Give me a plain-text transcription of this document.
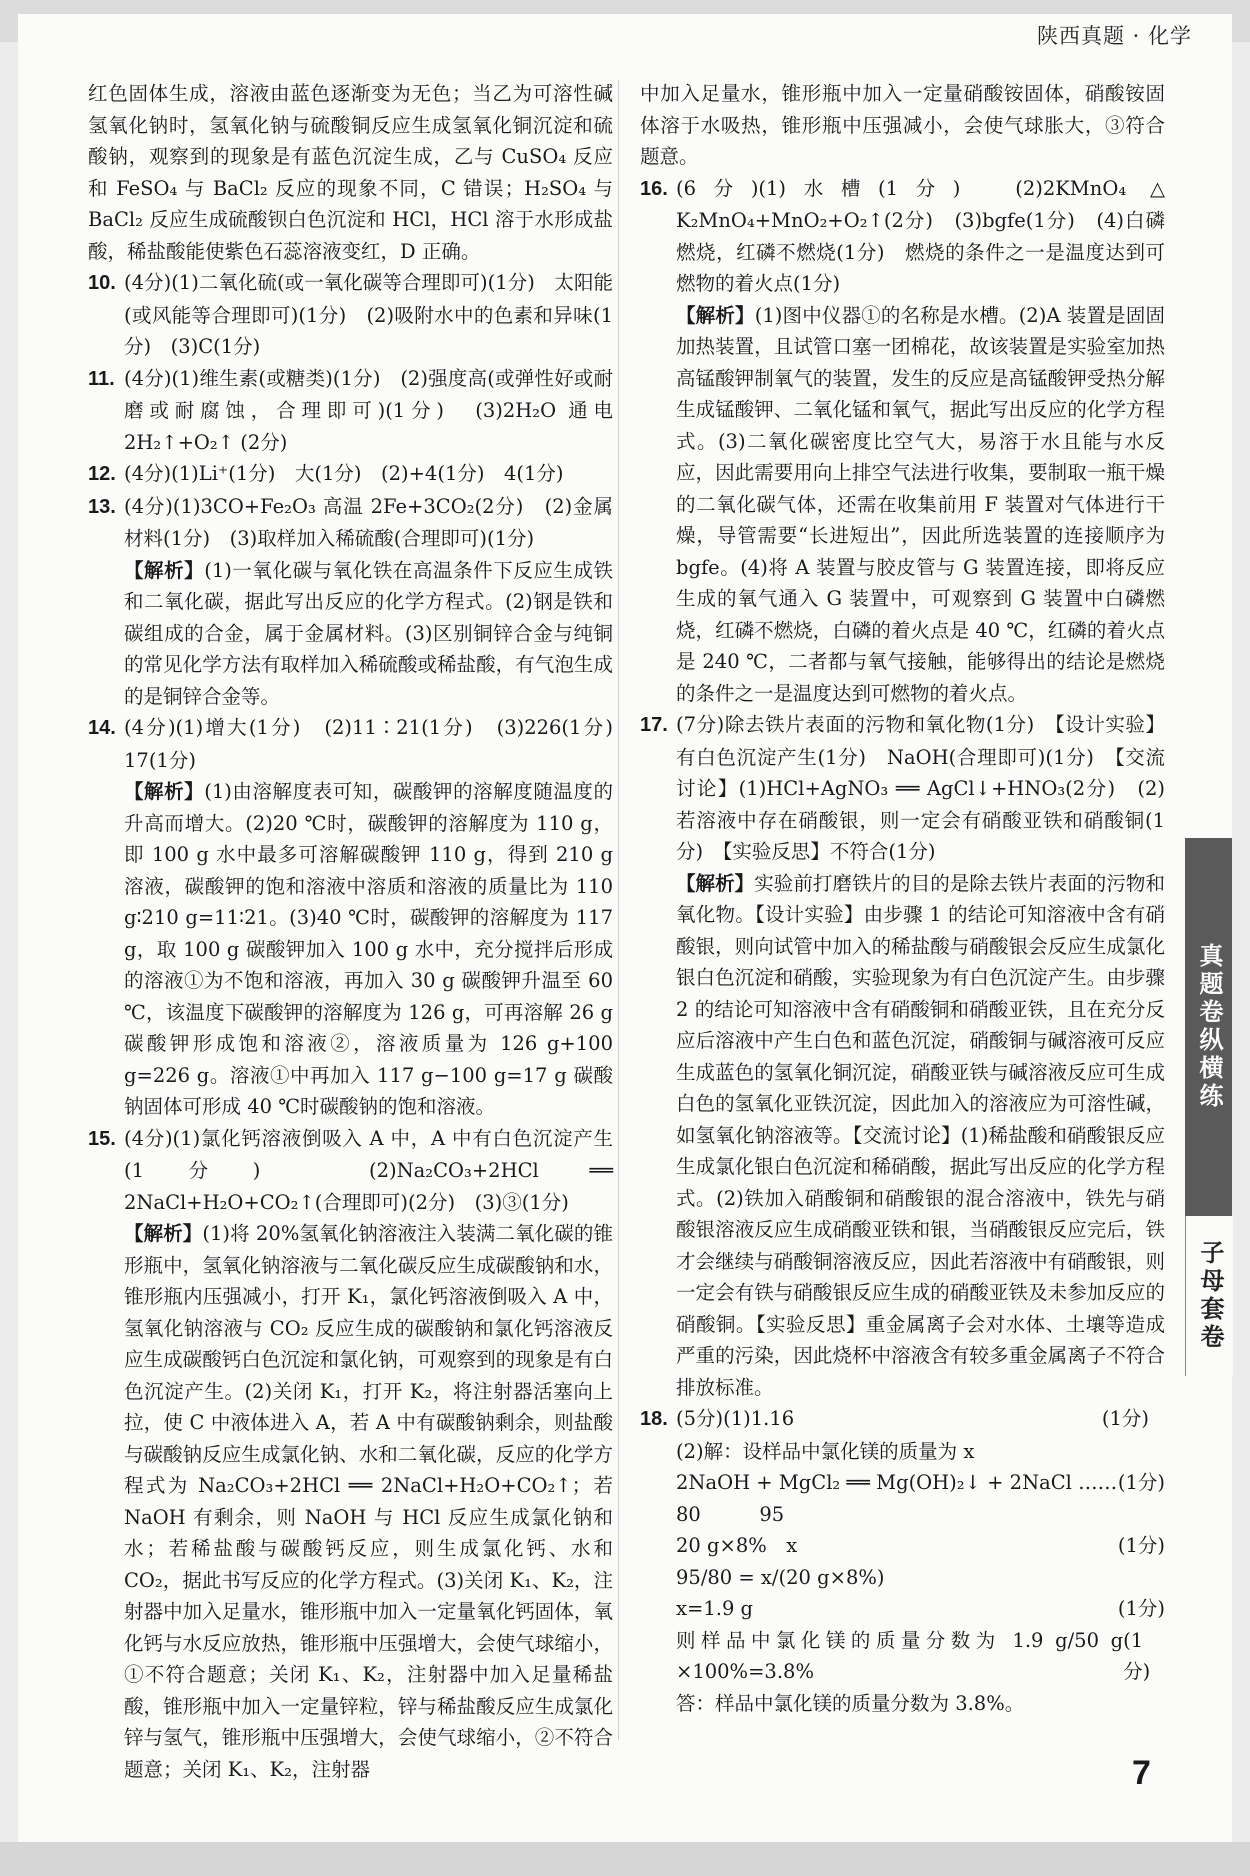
陕西真题 · 化学

红色固体生成，溶液由蓝色逐渐变为无色；当乙为可溶性碱氢氧化钠时，氢氧化钠与硫酸铜反应生成氢氧化铜沉淀和硫酸钠，观察到的现象是有蓝色沉淀生成，乙与 CuSO₄ 反应和 FeSO₄ 与 BaCl₂ 反应的现象不同，C 错误；H₂SO₄ 与 BaCl₂ 反应生成硫酸钡白色沉淀和 HCl，HCl 溶于水形成盐酸，稀盐酸能使紫色石蕊溶液变红，D 正确。

10. (4分)(1)二氧化硫(或一氧化碳等合理即可)(1分)　太阳能(或风能等合理即可)(1分)　(2)吸附水中的色素和异味(1分)　(3)C(1分)

11. (4分)(1)维生素(或糖类)(1分)　(2)强度高(或弹性好或耐磨或耐腐蚀，合理即可)(1分)　(3)2H₂O 通电 2H₂↑+O₂↑ (2分)

12. (4分)(1)Li⁺(1分)　大(1分)　(2)+4(1分)　4(1分)

13. (4分)(1)3CO+Fe₂O₃ 高温 2Fe+3CO₂(2分)　(2)金属材料(1分)　(3)取样加入稀硫酸(合理即可)(1分)

【解析】(1)一氧化碳与氧化铁在高温条件下反应生成铁和二氧化碳，据此写出反应的化学方程式。(2)钢是铁和碳组成的合金，属于金属材料。(3)区别铜锌合金与纯铜的常见化学方法有取样加入稀硫酸或稀盐酸，有气泡生成的是铜锌合金等。

14. (4分)(1)增大(1分)　(2)11∶21(1分)　(3)226(1分)　17(1分)

【解析】(1)由溶解度表可知，碳酸钾的溶解度随温度的升高而增大。(2)20 ℃时，碳酸钾的溶解度为 110 g，即 100 g 水中最多可溶解碳酸钾 110 g，得到 210 g 溶液，碳酸钾的饱和溶液中溶质和溶液的质量比为 110 g∶210 g=11∶21。(3)40 ℃时，碳酸钾的溶解度为 117 g，取 100 g 碳酸钾加入 100 g 水中，充分搅拌后形成的溶液①为不饱和溶液，再加入 30 g 碳酸钾升温至 60 ℃，该温度下碳酸钾的溶解度为 126 g，可再溶解 26 g 碳酸钾形成饱和溶液②，溶液质量为 126 g+100 g=226 g。溶液①中再加入 117 g−100 g=17 g 碳酸钠固体可形成 40 ℃时碳酸钠的饱和溶液。

15. (4分)(1)氯化钙溶液倒吸入 A 中，A 中有白色沉淀产生(1分)　(2)Na₂CO₃+2HCl ══ 2NaCl+H₂O+CO₂↑(合理即可)(2分)　(3)③(1分)

【解析】(1)将 20%氢氧化钠溶液注入装满二氧化碳的锥形瓶中，氢氧化钠溶液与二氧化碳反应生成碳酸钠和水，锥形瓶内压强减小，打开 K₁，氯化钙溶液倒吸入 A 中，氢氧化钠溶液与 CO₂ 反应生成的碳酸钠和氯化钙溶液反应生成碳酸钙白色沉淀和氯化钠，可观察到的现象是有白色沉淀产生。(2)关闭 K₁，打开 K₂，将注射器活塞向上拉，使 C 中液体进入 A，若 A 中有碳酸钠剩余，则盐酸与碳酸钠反应生成氯化钠、水和二氧化碳，反应的化学方程式为 Na₂CO₃+2HCl ══ 2NaCl+H₂O+CO₂↑；若 NaOH 有剩余，则 NaOH 与 HCl 反应生成氯化钠和水；若稀盐酸与碳酸钙反应，则生成氯化钙、水和 CO₂，据此书写反应的化学方程式。(3)关闭 K₁、K₂，注射器中加入足量水，锥形瓶中加入一定量氧化钙固体，氧化钙与水反应放热，锥形瓶中压强增大，会使气球缩小，①不符合题意；关闭 K₁、K₂，注射器中加入足量稀盐酸，锥形瓶中加入一定量锌粒，锌与稀盐酸反应生成氯化锌与氢气，锥形瓶中压强增大，会使气球缩小，②不符合题意；关闭 K₁、K₂，注射器

中加入足量水，锥形瓶中加入一定量硝酸铵固体，硝酸铵固体溶于水吸热，锥形瓶中压强减小，会使气球胀大，③符合题意。

16. (6分)(1)水槽(1分)　(2)2KMnO₄ △ K₂MnO₄+MnO₂+O₂↑(2分)　(3)bgfe(1分)　(4)白磷燃烧，红磷不燃烧(1分)　燃烧的条件之一是温度达到可燃物的着火点(1分)

【解析】(1)图中仪器①的名称是水槽。(2)A 装置是固固加热装置，且试管口塞一团棉花，故该装置是实验室加热高锰酸钾制氧气的装置，发生的反应是高锰酸钾受热分解生成锰酸钾、二氧化锰和氧气，据此写出反应的化学方程式。(3)二氧化碳密度比空气大，易溶于水且能与水反应，因此需要用向上排空气法进行收集，要制取一瓶干燥的二氧化碳气体，还需在收集前用 F 装置对气体进行干燥，导管需要“长进短出”，因此所选装置的连接顺序为 bgfe。(4)将 A 装置与胶皮管与 G 装置连接，即将反应生成的氧气通入 G 装置中，可观察到 G 装置中白磷燃烧，红磷不燃烧，白磷的着火点是 40 ℃，红磷的着火点是 240 ℃，二者都与氧气接触，能够得出的结论是燃烧的条件之一是温度达到可燃物的着火点。

17. (7分)除去铁片表面的污物和氧化物(1分)　【设计实验】有白色沉淀产生(1分)　NaOH(合理即可)(1分)　【交流讨论】(1)HCl+AgNO₃ ══ AgCl↓+HNO₃(2分)　(2)若溶液中存在硝酸银，则一定会有硝酸亚铁和硝酸铜(1分)　【实验反思】不符合(1分)

【解析】实验前打磨铁片的目的是除去铁片表面的污物和氧化物。【设计实验】由步骤 1 的结论可知溶液中含有硝酸银，则向试管中加入的稀盐酸与硝酸银会反应生成氯化银白色沉淀和硝酸，实验现象为有白色沉淀产生。由步骤 2 的结论可知溶液中含有硝酸铜和硝酸亚铁，且在充分反应后溶液中产生白色和蓝色沉淀，硝酸铜与碱溶液可反应生成蓝色的氢氧化铜沉淀，硝酸亚铁与碱溶液反应可生成白色的氢氧化亚铁沉淀，因此加入的溶液应为可溶性碱，如氢氧化钠溶液等。【交流讨论】(1)稀盐酸和硝酸银反应生成氯化银白色沉淀和稀硝酸，据此写出反应的化学方程式。(2)铁加入硝酸铜和硝酸银的混合溶液中，铁先与硝酸银溶液反应生成硝酸亚铁和银，当硝酸银反应完后，铁才会继续与硝酸铜溶液反应，因此若溶液中有硝酸银，则一定会有铁与硝酸银反应生成的硝酸亚铁及未参加反应的硝酸铜。【实验反思】重金属离子会对水体、土壤等造成严重的污染，因此烧杯中溶液含有较多重金属离子不符合排放标准。

18. (5分)(1)1.16	(1分)

(2)解：设样品中氯化镁的质量为 x

2NaOH + MgCl₂ ══ Mg(OH)₂↓ + 2NaCl …… (1分)

80　　　95

20 g×8%　x	(1分)

95/80 = x/(20 g×8%)

x=1.9 g	(1分)

则样品中氯化镁的质量分数为 1.9 g/50 g ×100%=3.8%
(1分)

答：样品中氯化镁的质量分数为 3.8%。

真题卷纵横练
子母套卷
7
